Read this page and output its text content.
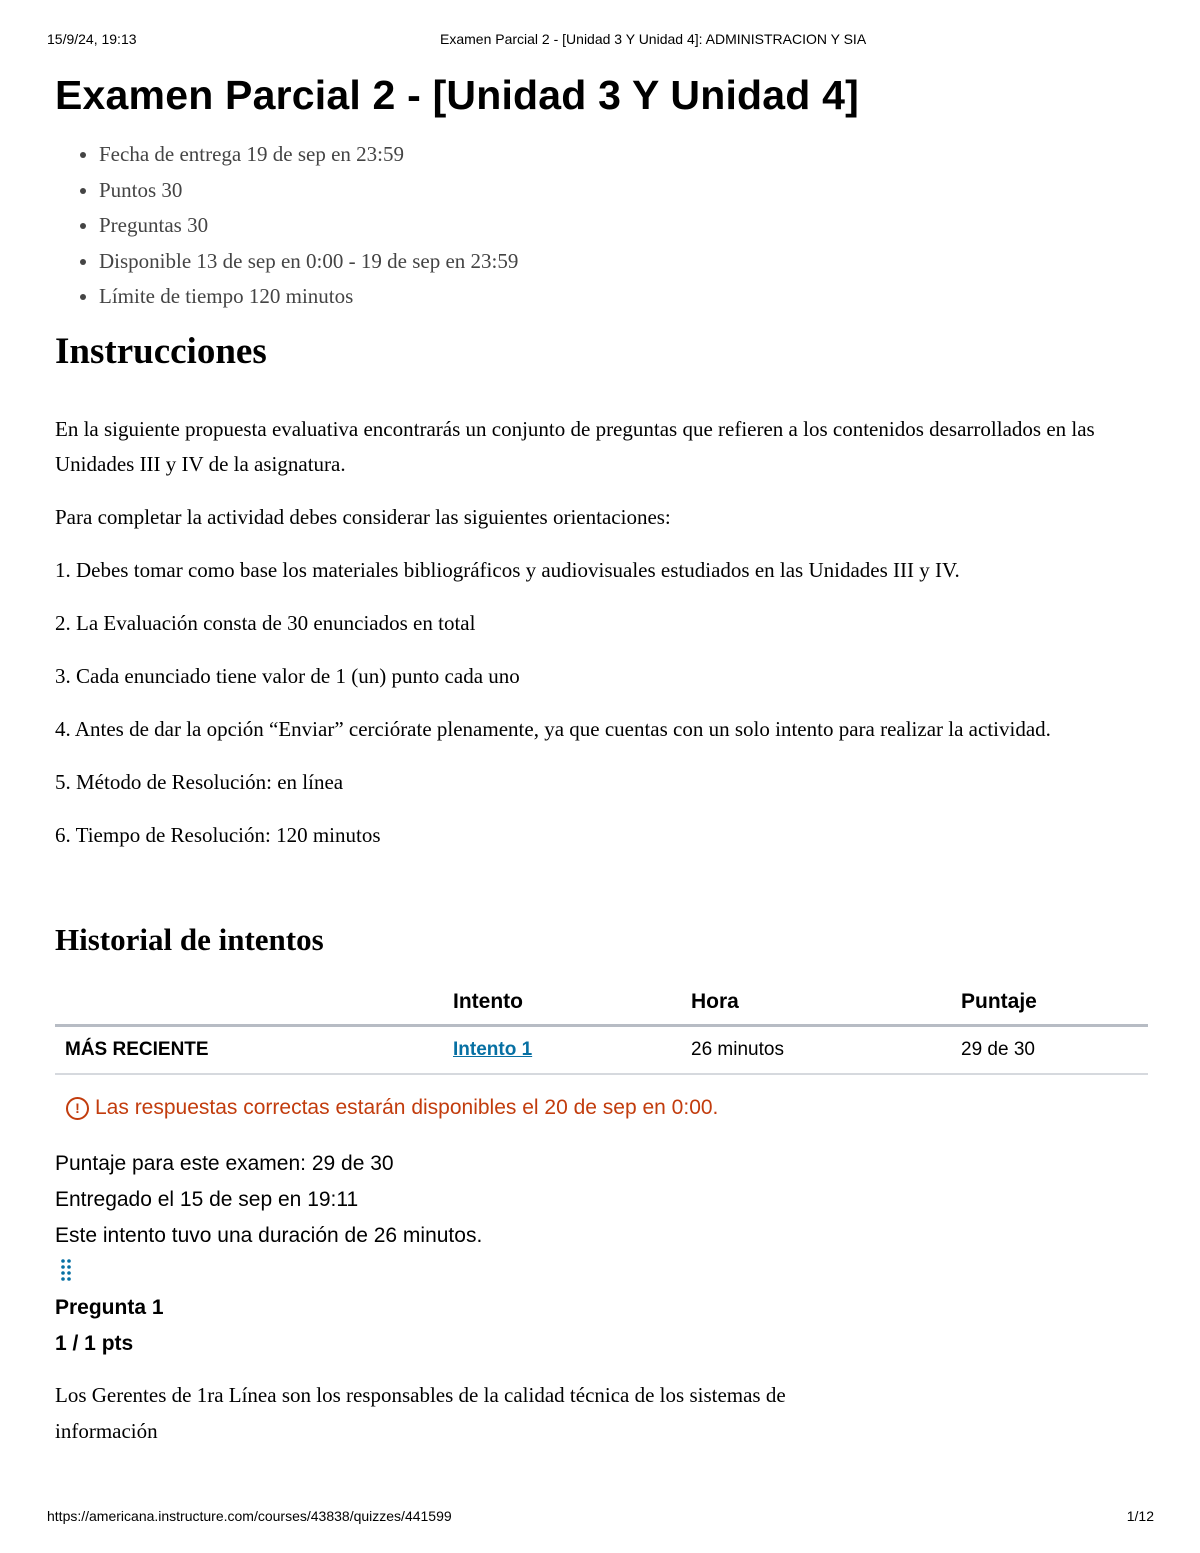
15/9/24, 19:13	Examen Parcial 2 - [Unidad 3 Y Unidad 4]: ADMINISTRACION Y SIA
Examen Parcial 2 - [Unidad 3 Y Unidad 4]
• Fecha de entrega 19 de sep en 23:59
• Puntos 30
• Preguntas 30
• Disponible 13 de sep en 0:00 - 19 de sep en 23:59
• Límite de tiempo 120 minutos
Instrucciones

En la siguiente propuesta evaluativa encontrarás un conjunto de preguntas que refieren a los contenidos desarrollados en las Unidades III y IV de la asignatura.

Para completar la actividad debes considerar las siguientes orientaciones:

1. Debes tomar como base los materiales bibliográficos y audiovisuales estudiados en las Unidades III y IV.

2. La Evaluación consta de 30 enunciados en total

3. Cada enunciado tiene valor de 1 (un) punto cada uno

4. Antes de dar la opción “Enviar” cerciórate plenamente, ya que cuentas con un solo intento para realizar la actividad.

5. Método de Resolución: en línea

6. Tiempo de Resolución: 120 minutos

Historial de intentos
	Intento	Hora	Puntaje
MÁS RECIENTE	Intento 1	26 minutos	29 de 30
! Las respuestas correctas estarán disponibles el 20 de sep en 0:00.
Puntaje para este examen: 29 de 30
Entregado el 15 de sep en 19:11
Este intento tuvo una duración de 26 minutos.
Pregunta 1
1 / 1 pts
Los Gerentes de 1ra Línea son los responsables de la calidad técnica de los sistemas de información
https://americana.instructure.com/courses/43838/quizzes/441599	1/12
